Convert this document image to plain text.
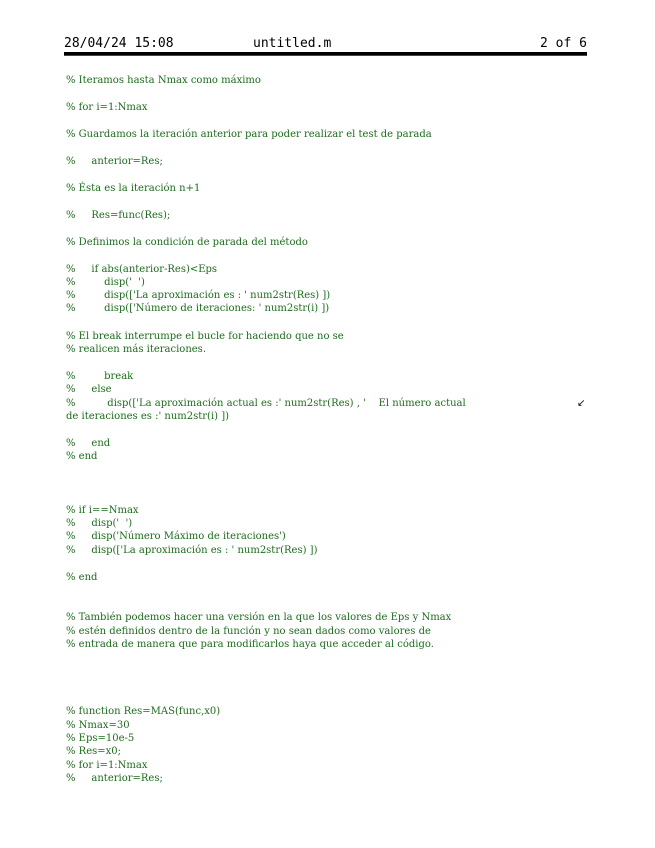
28/04/24 15:08	untitled.m	2 of 6
% Iteramos hasta Nmax como máximo
% for i=1:Nmax
% Guardamos la iteración anterior para poder realizar el test de parada
%     anterior=Res;
% Ésta es la iteración n+1
%     Res=func(Res);
% Definimos la condición de parada del método
%     if abs(anterior-Res)<Eps
%         disp('  ')
%         disp(['La aproximación es : ' num2str(Res) ])
%         disp(['Número de iteraciones: ' num2str(i) ])
% El break interrumpe el bucle for haciendo que no se
% realicen más iteraciones.
%         break
%     else
%          disp(['La aproximación actual es :' num2str(Res) , '    El número actual	↙
de iteraciones es :' num2str(i) ])
%     end
% end
% if i==Nmax
%     disp('  ')
%     disp('Número Máximo de iteraciones')
%     disp(['La aproximación es : ' num2str(Res) ])
% end
% También podemos hacer una versión en la que los valores de Eps y Nmax
% estén definidos dentro de la función y no sean dados como valores de
% entrada de manera que para modificarlos haya que acceder al código.
% function Res=MAS(func,x0)
% Nmax=30
% Eps=10e-5
% Res=x0;
% for i=1:Nmax
%     anterior=Res;
